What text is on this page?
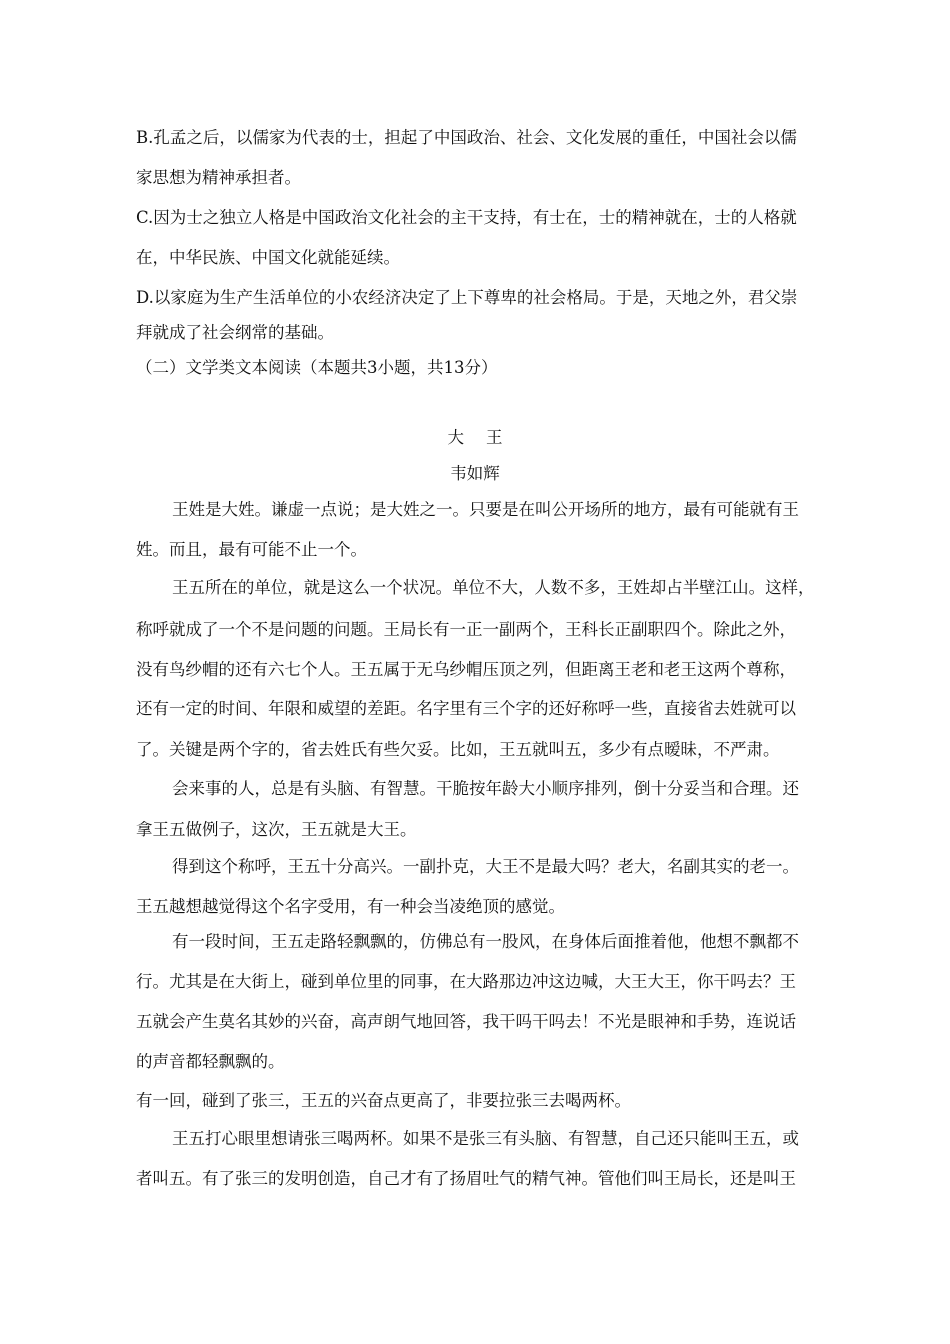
B.孔孟之后，以儒家为代表的士，担起了中国政治、社会、文化发展的重任，中国社会以儒
家思想为精神承担者。
C.因为士之独立人格是中国政治文化社会的主干支持，有士在，士的精神就在，士的人格就
在，中华民族、中国文化就能延续。
D.以家庭为生产生活单位的小农经济决定了上下尊卑的社会格局。于是，天地之外，君父崇
拜就成了社会纲常的基础。
（二）文学类文本阅读（本题共3小题，共13分）
大王
韦如辉
王姓是大姓。谦虚一点说；是大姓之一。只要是在叫公开场所的地方，最有可能就有王
姓。而且，最有可能不止一个。
王五所在的单位，就是这么一个状况。单位不大，人数不多，王姓却占半壁江山。这样，
称呼就成了一个不是问题的问题。王局长有一正一副两个，王科长正副职四个。除此之外，
没有鸟纱帽的还有六七个人。王五属于无乌纱帽压顶之列，但距离王老和老王这两个尊称，
还有一定的时间、年限和威望的差距。名字里有三个字的还好称呼一些，直接省去姓就可以
了。关键是两个字的，省去姓氏有些欠妥。比如，王五就叫五，多少有点暧昧，不严肃。
会来事的人，总是有头脑、有智慧。干脆按年龄大小顺序排列，倒十分妥当和合理。还
拿王五做例子，这次，王五就是大王。
得到这个称呼，王五十分高兴。一副扑克，大王不是最大吗？老大，名副其实的老一。
王五越想越觉得这个名字受用，有一种会当凌绝顶的感觉。
有一段时间，王五走路轻飘飘的，仿佛总有一股风，在身体后面推着他，他想不飘都不
行。尤其是在大街上，碰到单位里的同事，在大路那边冲这边喊，大王大王，你干吗去？王
五就会产生莫名其妙的兴奋，高声朗气地回答，我干吗干吗去！不光是眼神和手势，连说话
的声音都轻飘飘的。
有一回，碰到了张三，王五的兴奋点更高了，非要拉张三去喝两杯。
王五打心眼里想请张三喝两杯。如果不是张三有头脑、有智慧，自己还只能叫王五，或
者叫五。有了张三的发明创造，自己才有了扬眉吐气的精气神。管他们叫王局长，还是叫王
